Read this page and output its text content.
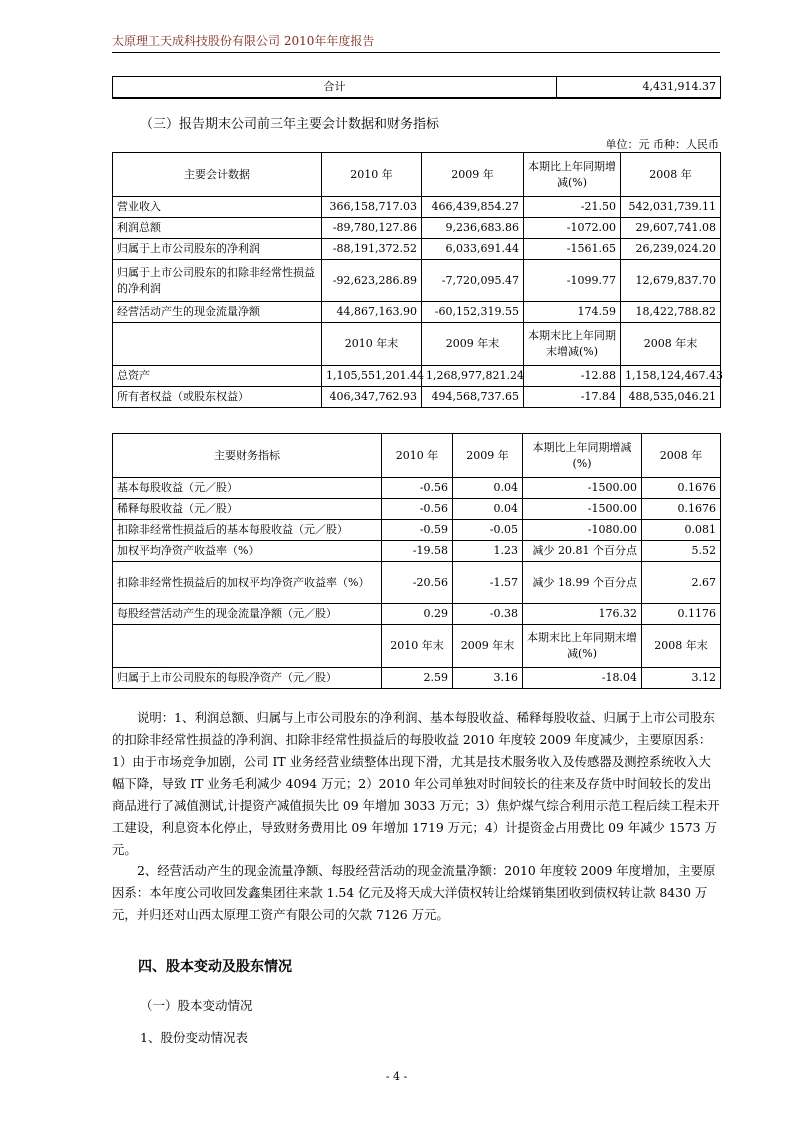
太原理工天成科技股份有限公司 2010年年度报告
合计	4,431,914.37
（三）报告期末公司前三年主要会计数据和财务指标
单位：元 币种：人民币
主要会计数据	2010 年	2009 年	本期比上年同期增减(%)	2008 年
营业收入	366,158,717.03	466,439,854.27	-21.50	542,031,739.11
利润总额	-89,780,127.86	9,236,683.86	-1072.00	29,607,741.08
归属于上市公司股东的净利润	-88,191,372.52	6,033,691.44	-1561.65	26,239,024.20
归属于上市公司股东的扣除非经常性损益的净利润	-92,623,286.89	-7,720,095.47	-1099.77	12,679,837.70
经营活动产生的现金流量净额	44,867,163.90	-60,152,319.55	174.59	18,422,788.82
	2010 年末	2009 年末	本期末比上年同期末增减(%)	2008 年末
总资产	1,105,551,201.44	1,268,977,821.24	-12.88	1,158,124,467.43
所有者权益（或股东权益）	406,347,762.93	494,568,737.65	-17.84	488,535,046.21
主要财务指标	2010 年	2009 年	本期比上年同期增减(%)	2008 年
基本每股收益（元／股）	-0.56	0.04	-1500.00	0.1676
稀释每股收益（元／股）	-0.56	0.04	-1500.00	0.1676
扣除非经常性损益后的基本每股收益（元／股）	-0.59	-0.05	-1080.00	0.081
加权平均净资产收益率（%）	-19.58	1.23	减少 20.81 个百分点	5.52
扣除非经常性损益后的加权平均净资产收益率（%）	-20.56	-1.57	减少 18.99 个百分点	2.67
每股经营活动产生的现金流量净额（元／股）	0.29	-0.38	176.32	0.1176
	2010 年末	2009 年末	本期末比上年同期末增减(%)	2008 年末
归属于上市公司股东的每股净资产（元／股）	2.59	3.16	-18.04	3.12

说明：1、利润总额、归属与上市公司股东的净利润、基本每股收益、稀释每股收益、归属于上市公司股东的扣除非经常性损益的净利润、扣除非经常性损益后的每股收益 2010 年度较 2009 年度减少，主要原因系：1）由于市场竞争加剧，公司 IT 业务经营业绩整体出现下滑，尤其是技术服务收入及传感器及测控系统收入大幅下降，导致 IT 业务毛利减少 4094 万元；2）2010 年公司单独对时间较长的往来及存货中时间较长的发出商品进行了减值测试,计提资产减值损失比 09 年增加 3033 万元；3）焦炉煤气综合利用示范工程后续工程未开工建设，利息资本化停止，导致财务费用比 09 年增加 1719 万元；4）计提资金占用费比 09 年减少 1573 万元。

2、经营活动产生的现金流量净额、每股经营活动的现金流量净额：2010 年度较 2009 年度增加，主要原因系：本年度公司收回发鑫集团往来款 1.54 亿元及将天成大洋债权转让给煤销集团收到债权转让款 8430 万元，并归还对山西太原理工资产有限公司的欠款 7126 万元。

四、股本变动及股东情况
（一）股本变动情况
1、股份变动情况表
- 4 -
